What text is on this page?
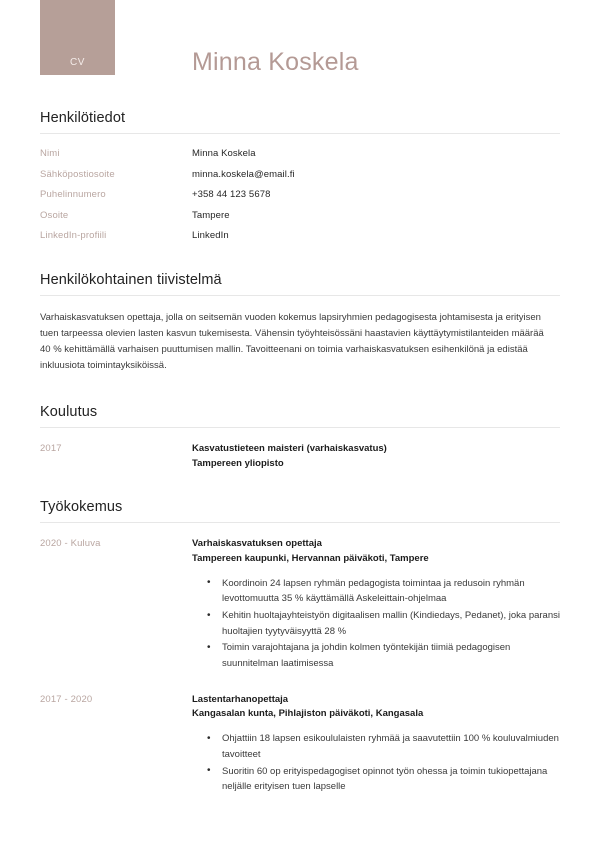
CV	Minna Koskela
Henkilötiedot
Nimi	Minna Koskela
Sähköpostiosoite	minna.koskela@email.fi
Puhelinnumero	+358 44 123 5678
Osoite	Tampere
LinkedIn-profiili	LinkedIn
Henkilökohtainen tiivistelmä

Varhaiskasvatuksen opettaja, jolla on seitsemän vuoden kokemus lapsiryhmien pedagogisesta johtamisesta ja erityisen tuen tarpeessa olevien lasten kasvun tukemisesta. Vähensin työyhteisössäni haastavien käyttäytymistilanteiden määrää 40 % kehittämällä varhaisen puuttumisen mallin. Tavoitteenani on toimia varhaiskasvatuksen esihenkilönä ja edistää inkluusiota toimintayksiköissä.

Koulutus
2017	Kasvatustieteen maisteri (varhaiskasvatus)
Tampereen yliopisto
Työkokemus
2020 - Kuluva	Varhaiskasvatuksen opettaja
Tampereen kaupunki, Hervannan päiväkoti, Tampere
• Koordinoin 24 lapsen ryhmän pedagogista toimintaa ja redusoin ryhmän levottomuutta 35 % käyttämällä Askeleittain-ohjelmaa
• Kehitin huoltajayhteistyön digitaalisen mallin (Kindiedays, Pedanet), joka paransi huoltajien tyytyväisyyttä 28 %
• Toimin varajohtajana ja johdin kolmen työntekijän tiimiä pedagogisen suunnitelman laatimisessa
2017 - 2020	Lastentarhanopettaja
Kangasalan kunta, Pihlajiston päiväkoti, Kangasala
• Ohjattiin 18 lapsen esikoululaisten ryhmää ja saavutettiin 100 % kouluvalmiuden tavoitteet
• Suoritin 60 op erityispedagogiset opinnot työn ohessa ja toimin tukiopettajana neljälle erityisen tuen lapselle
